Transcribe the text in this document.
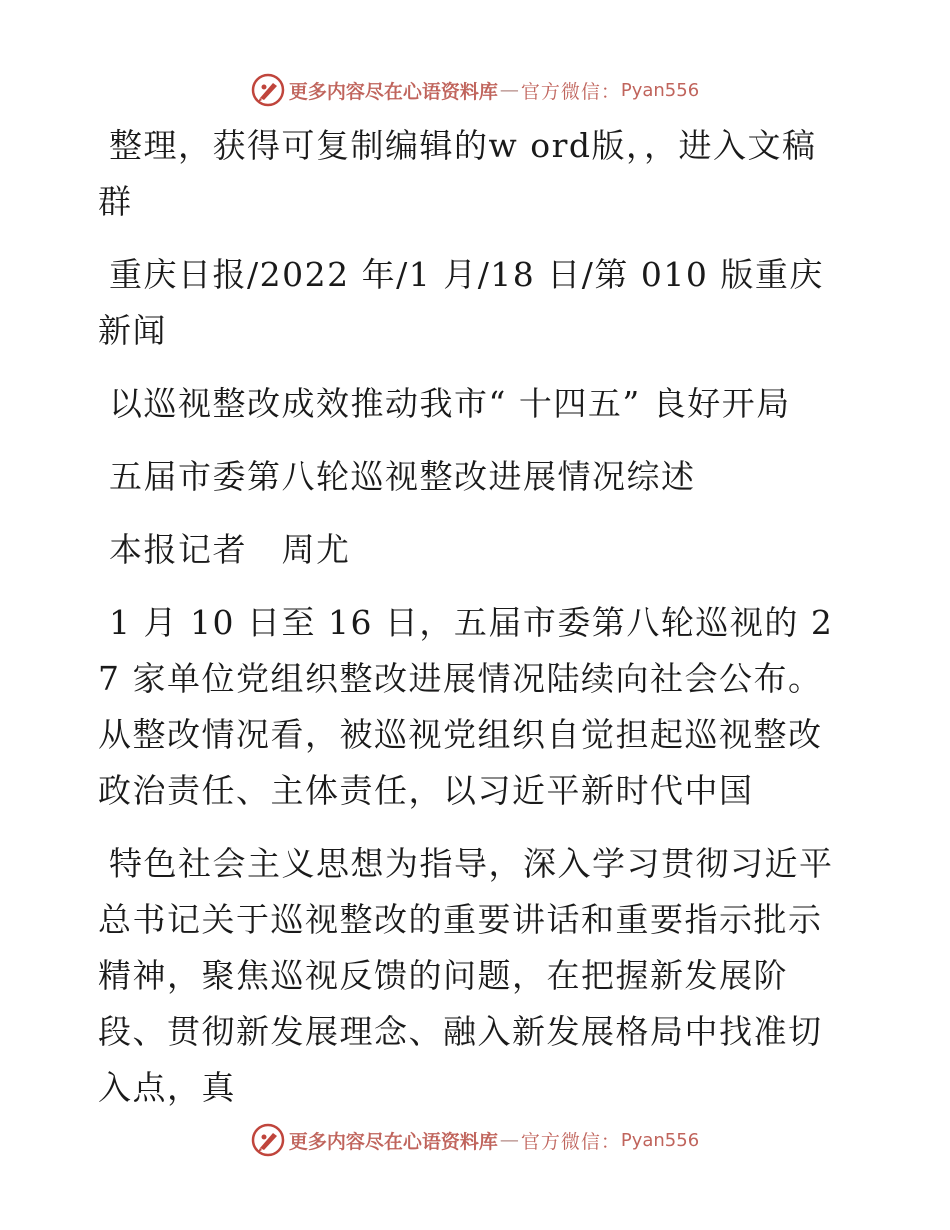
更多内容尽在心语资料库 — 官方微信： Pyan556

整理，获得可复制编辑的w ord版，，进入文稿群

重庆日报/2022 年/1 月/18 日/第 010 版重庆新闻

以巡视整改成效推动我市“ 十四五” 良好开局

五届市委第八轮巡视整改进展情况综述

本报记者　周尤

1 月 10 日至 16 日，五届市委第八轮巡视的 27 家单位党组织整改进展情况陆续向社会公布。从整改情况看，被巡视党组织自觉担起巡视整改政治责任、主体责任，以习近平新时代中国

特色社会主义思想为指导，深入学习贯彻习近平总书记关于巡视整改的重要讲话和重要指示批示精神，聚焦巡视反馈的问题，在把握新发展阶段、贯彻新发展理念、融入新发展格局中找准切入点，真

更多内容尽在心语资料库 — 官方微信： Pyan556
